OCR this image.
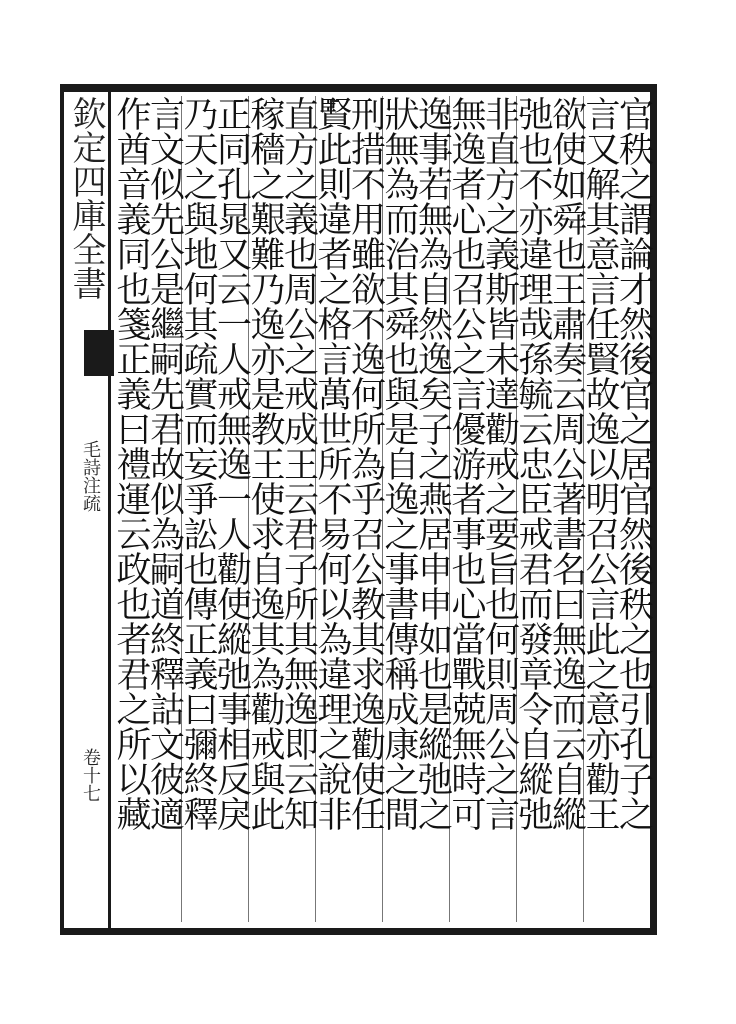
欽定四庫全書
毛詩注疏
卷十七	官秩之謂論才然後官之居官然後秩之也引孔子之
言又解其意言任賢故逸以明召公言此之意亦勸王
欲使如舜也王肅奏云周公著書名曰無逸而云自縱
弛也不亦違理哉孫毓云忠臣戒君而發章令自縱弛
非直方之義斯皆未達勸戒之要旨也何則周公之言
無逸者心也召公之言優游者事也心當戰兢無時可
逸事若無為自然逸矣子之燕居申申如也是縱弛之
狀無為而治其舜也與是自逸之事書傳稱成康之間
刑措不用雖欲不逸何所為乎召公教其求逸勸使任
賢此則違者之格言萬世所不易何以為違理之說非
直方之義也周公之戒成王云君子所其無逸即云知
稼穡之艱難乃逸亦是教王使求自逸其為勸戒與此
正同孔晁又云一人戒無逸一人勸使縱弛事相反戾
乃天之與地何其疏實而妄爭訟也傳正義曰彌終釋
言文似先公是繼嗣先君故似為嗣道終釋詁文彼適
作酋音義同也箋正義曰禮運云政也者君之所以藏
